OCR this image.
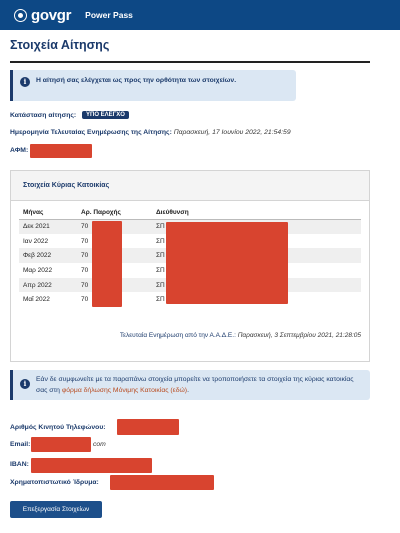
govgr Power Pass
Στοιχεία Αίτησης
i	Η αίτησή σας ελέγχεται ως προς την ορθότητα των στοιχείων.
Κατάσταση αίτησης:	ΥΠΟ ΕΛΕΓΧΟ
Ημερομηνία Τελευταίας Ενημέρωσης της Αίτησης: Παρασκευή, 17 Ιουνίου 2022, 21:54:59
ΑΦΜ:
Στοιχεία Κύριας Κατοικίας
Μήνας	Αρ. Παροχής	Διεύθυνση
Δεκ 2021	70	ΣΠ
Ιαν 2022	70	ΣΠ
Φεβ 2022	70	ΣΠ
Μαρ 2022	70	ΣΠ
Απρ 2022	70	ΣΠ
Μαΐ 2022	70	ΣΠ
Τελευταία Ενημέρωση από την Α.Α.Δ.Ε.: Παρασκευή, 3 Σεπτεμβρίου 2021, 21:28:05
i	Εάν δε συμφωνείτε με τα παραπάνω στοιχεία μπορείτε να τροποποιήσετε τα στοιχεία της κύριας κατοικίας σας στη φόρμα δήλωσης Μόνιμης Κατοικίας (εδώ).
Αριθμός Κινητού Τηλεφώνου:
Email:	com
IBAN:
Χρηματοπιστωτικό Ίδρυμα:
Επεξεργασία Στοιχείων
